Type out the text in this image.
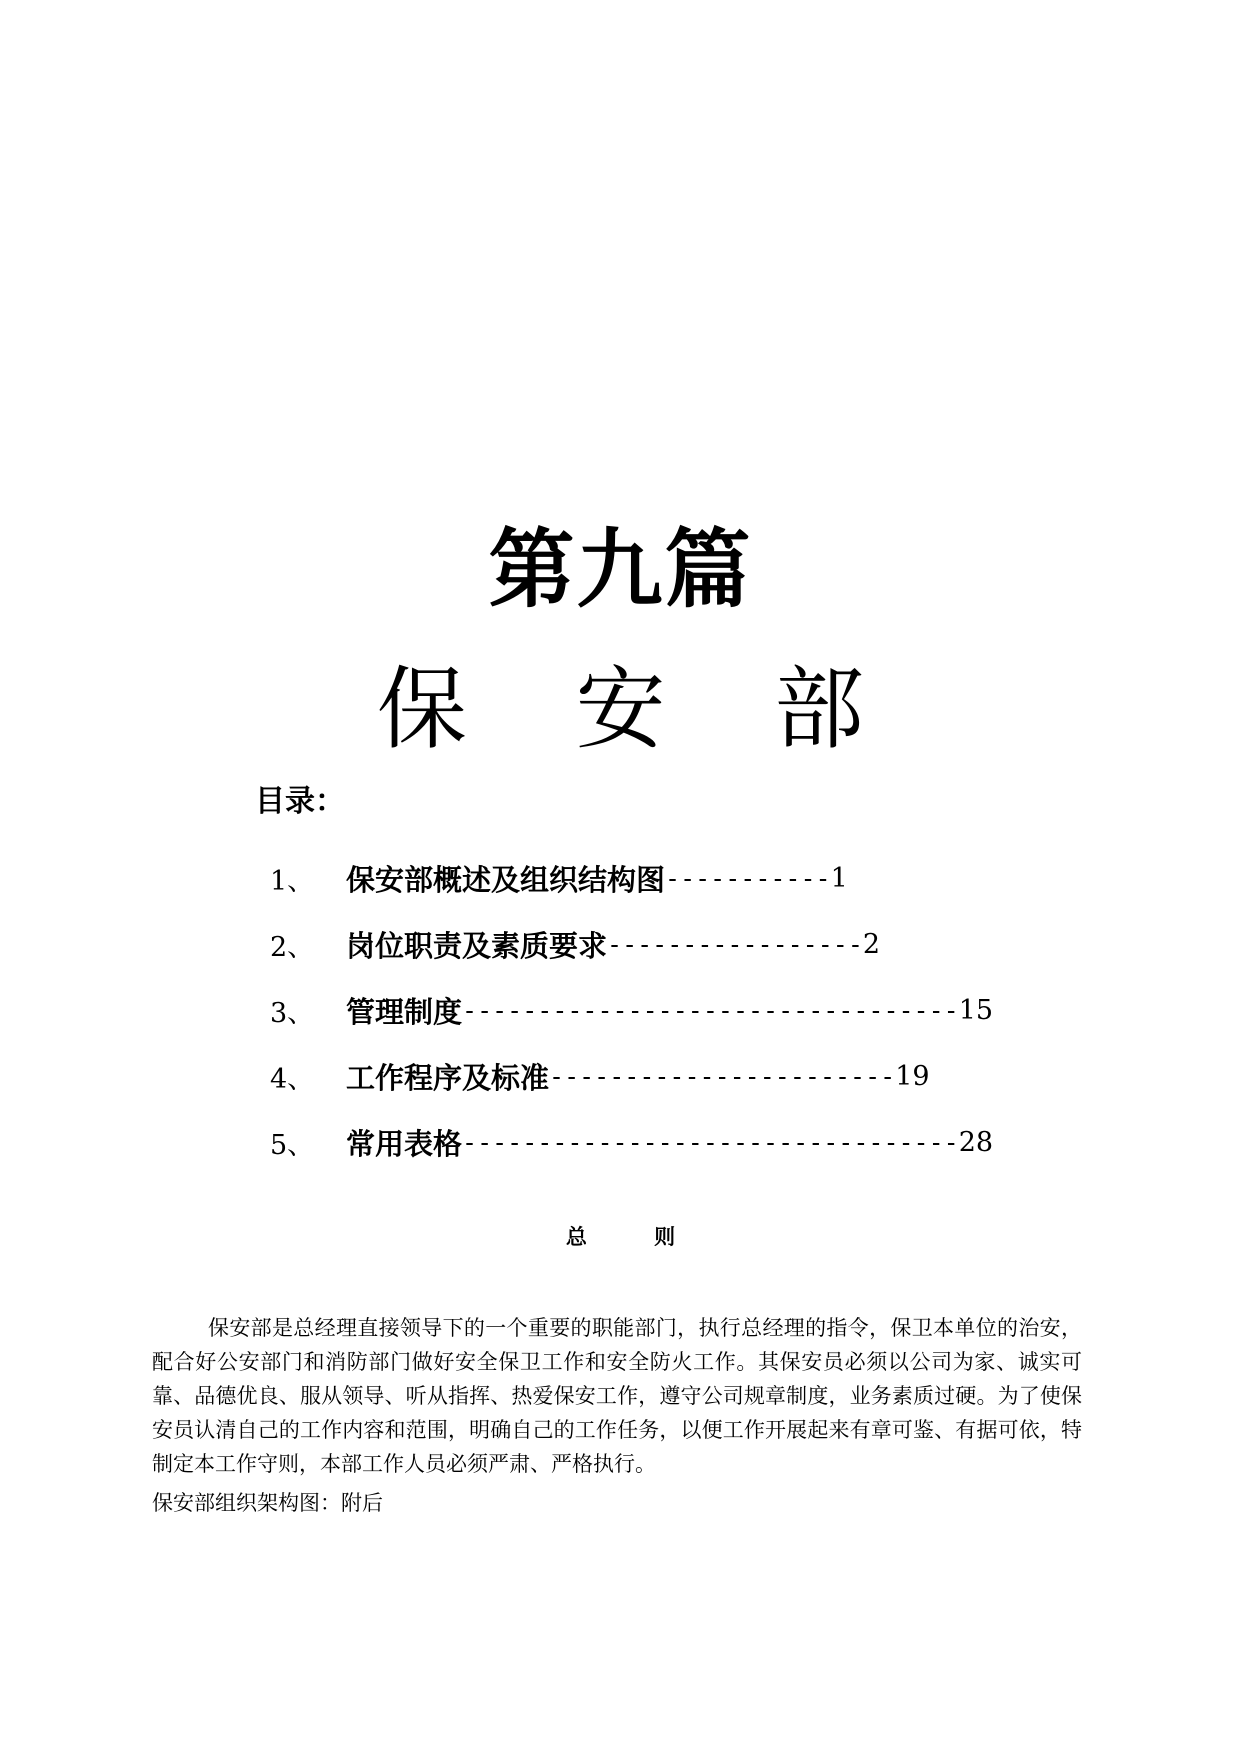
第九篇
保 安 部
目录：
1、	保安部概述及组织结构图 ----------- 1
2、	岗位职责及素质要求 ----------------- 2
3、	管理制度 --------------------------------- 15
4、	工作程序及标准 ----------------------- 19
5、	常用表格 --------------------------------- 28
总	则

保安部是总经理直接领导下的一个重要的职能部门，执行总经理的指令，保卫本单位的治安，配合好公安部门和消防部门做好安全保卫工作和安全防火工作。其保安员必须以公司为家、诚实可靠、品德优良、服从领导、听从指挥、热爱保安工作，遵守公司规章制度，业务素质过硬。为了使保安员认清自己的工作内容和范围，明确自己的工作任务，以便工作开展起来有章可鉴、有据可依，特制定本工作守则，本部工作人员必须严肃、严格执行。

保安部组织架构图：附后
